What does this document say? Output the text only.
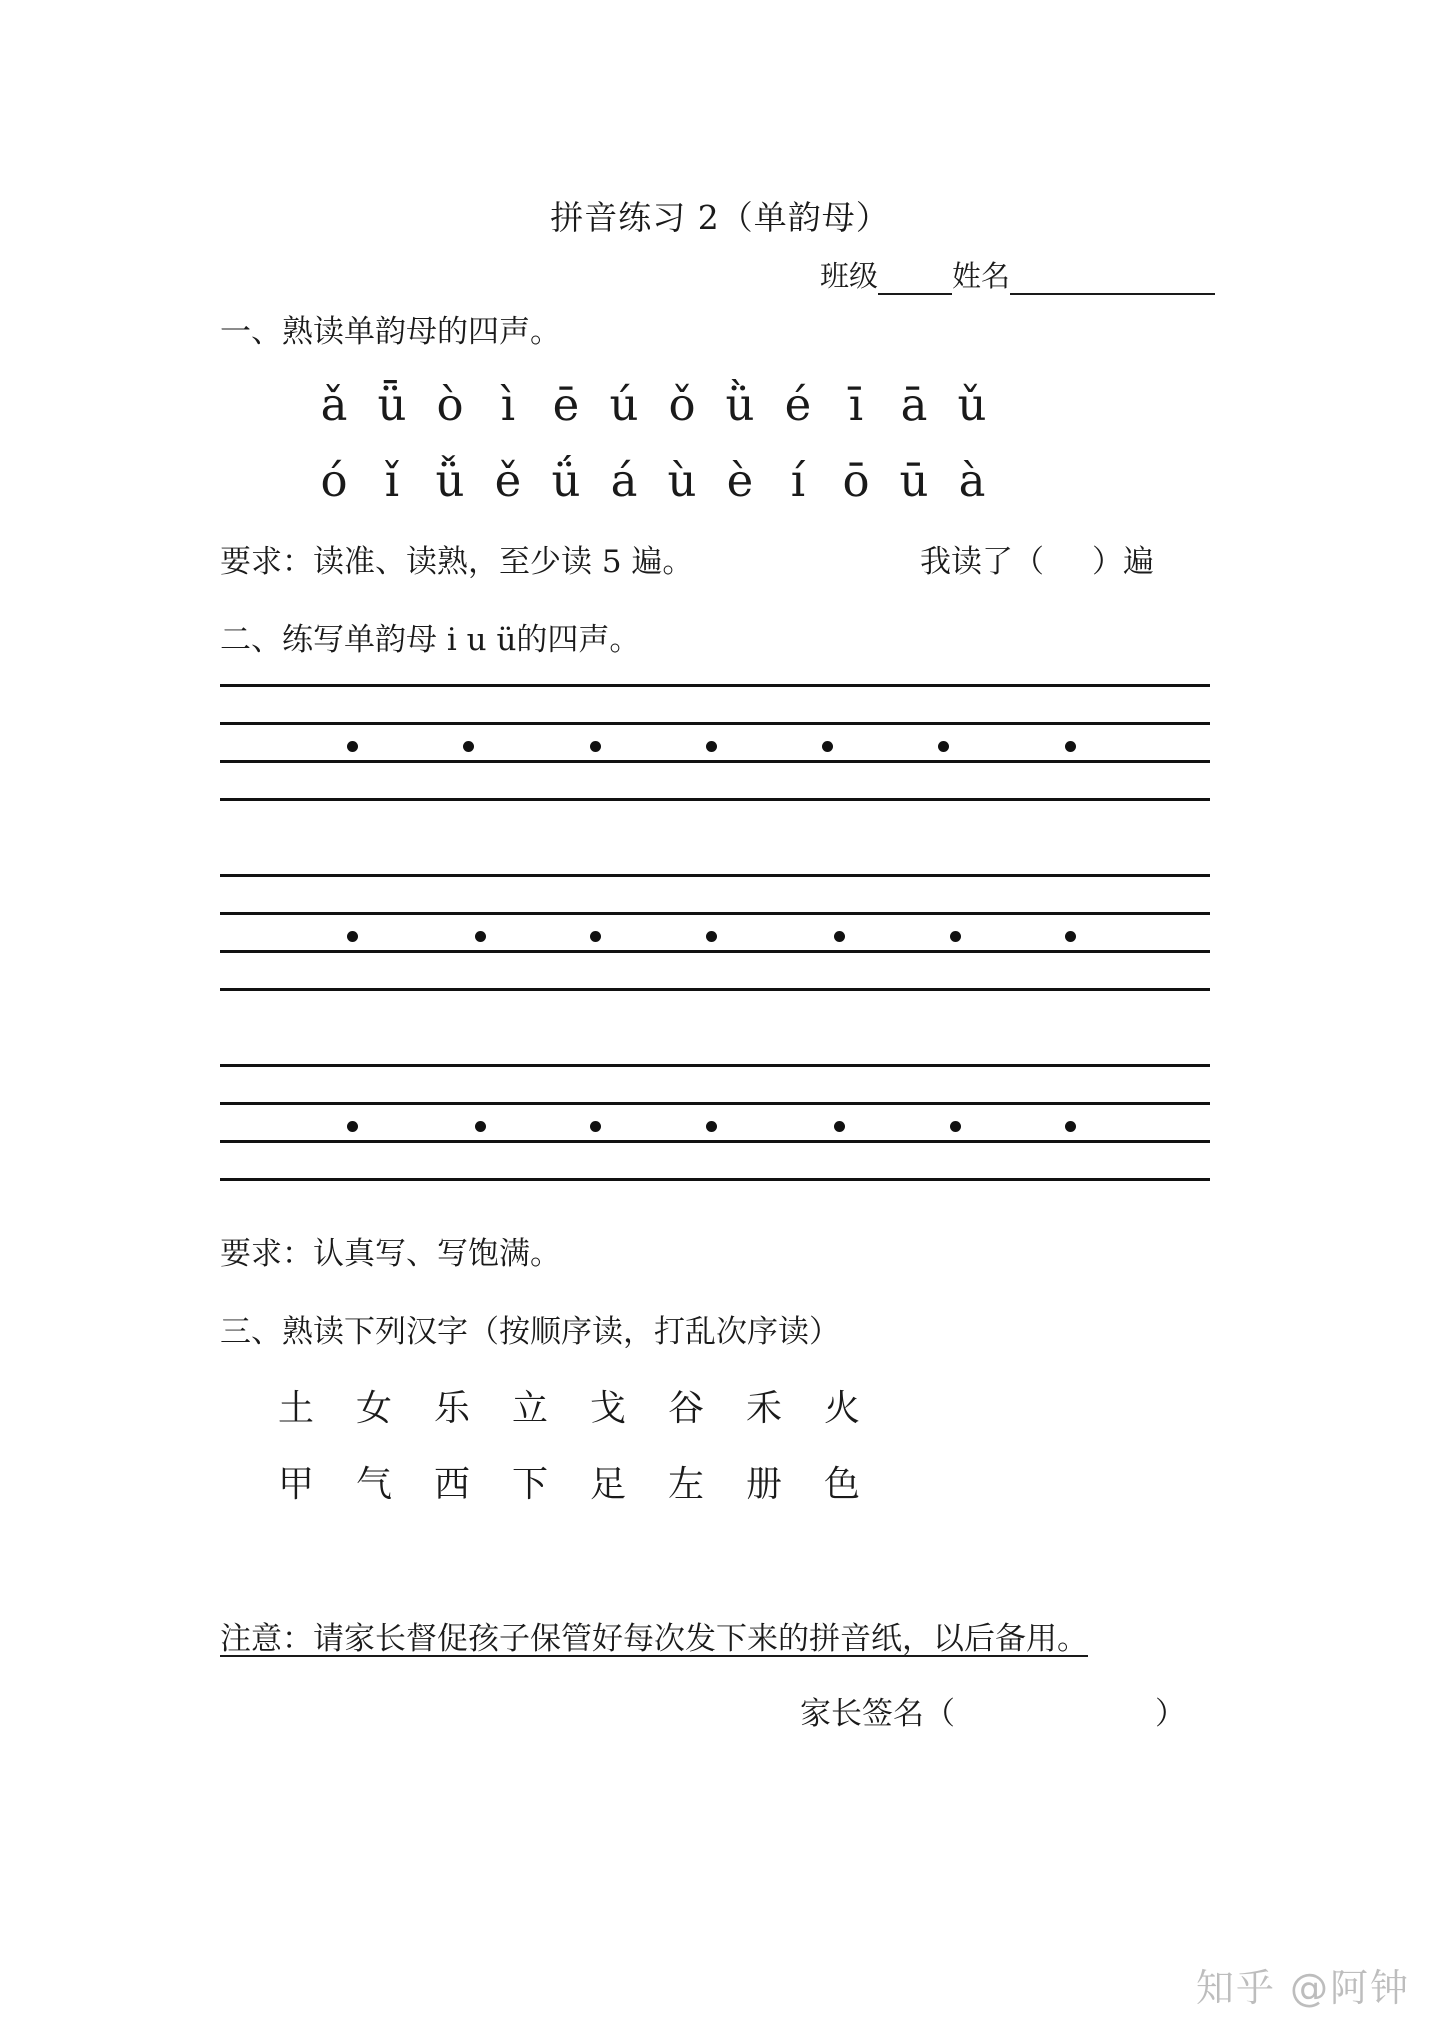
拼音练习 2（单韵母）
班级	姓名
一、熟读单韵母的四声。
ǎ ǖ ò ì ē ú ǒ ǜ é ī ā ǔ
ó ǐ ǚ ě ǘ á ù è í ō ū à
要求：读准、读熟，至少读 5 遍。	我读了（ ）遍
二、练写单韵母 i u ü的四声。
要求：认真写、写饱满。
三、熟读下列汉字（按顺序读，打乱次序读）
土	女	乐	立	戈	谷	禾	火
甲	气	西	下	足	左	册	色
注意：请家长督促孩子保管好每次发下来的拼音纸，以后备用。
家长签名（	）
知乎 @阿钟
